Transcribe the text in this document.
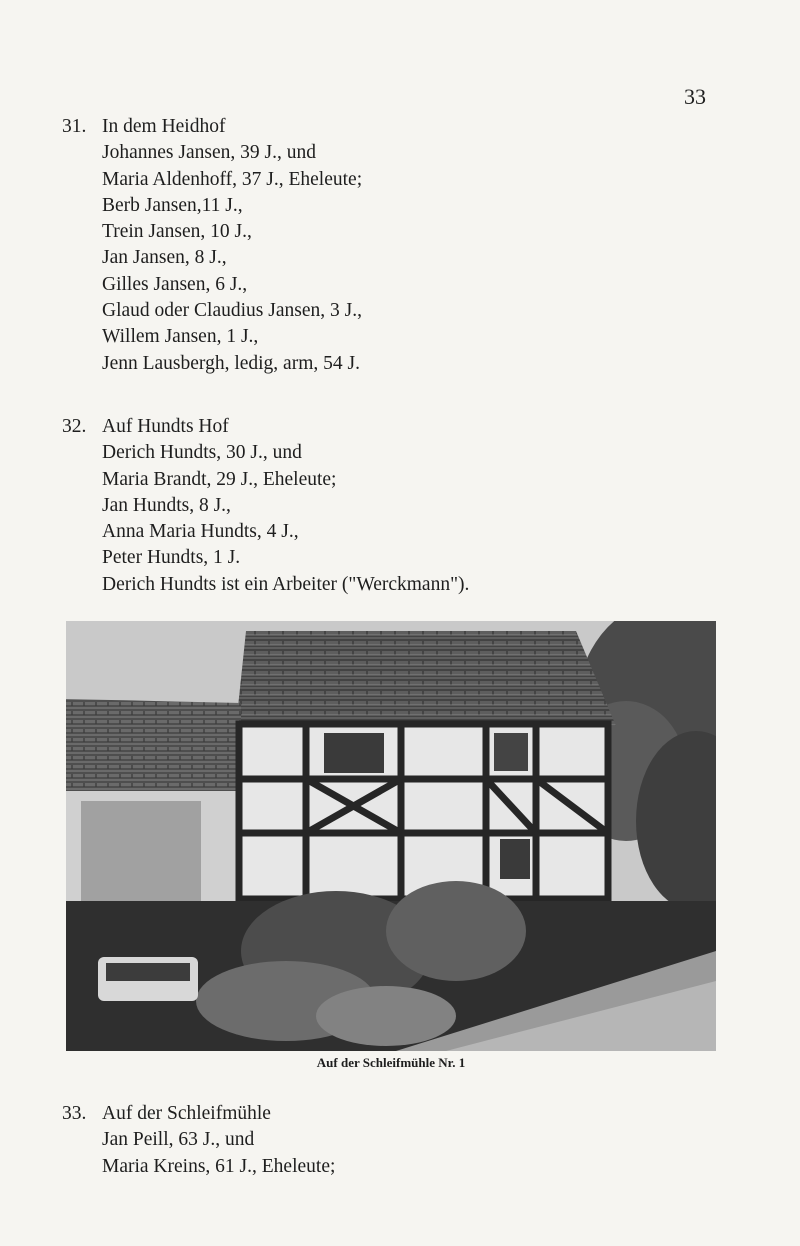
33
31. In dem Heidhof
Johannes Jansen, 39 J., und
Maria Aldenhoff, 37 J., Eheleute;
Berb Jansen,11 J.,
Trein Jansen, 10 J.,
Jan Jansen, 8 J.,
Gilles Jansen, 6 J.,
Glaud oder Claudius Jansen, 3 J.,
Willem Jansen, 1 J.,
Jenn Lausbergh, ledig, arm, 54 J.
32. Auf Hundts Hof
Derich Hundts, 30 J., und
Maria Brandt, 29 J., Eheleute;
Jan Hundts, 8 J.,
Anna Maria Hundts, 4 J.,
Peter Hundts, 1 J.
Derich Hundts ist ein Arbeiter ("Werckmann").
Auf der Schleifmühle Nr. 1
33. Auf der Schleifmühle
Jan Peill, 63 J., und
Maria Kreins, 61 J., Eheleute;
